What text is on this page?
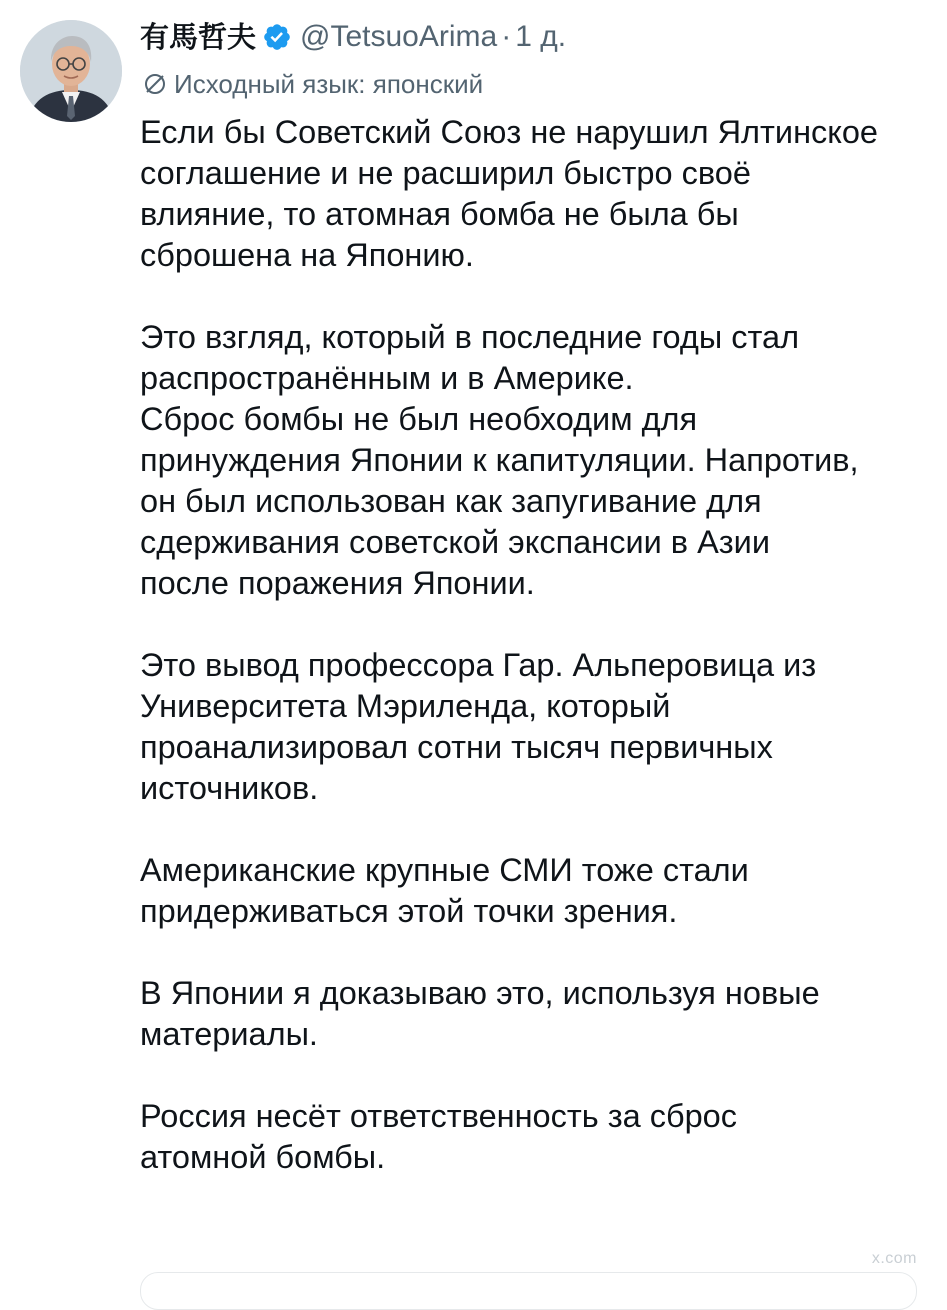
有馬哲夫 @TetsuoArima · 1 д.
Исходный язык: японский

Если бы Советский Союз не нарушил Ялтинское
соглашение и не расширил быстро своё
влияние, то атомная бомба не была бы
сброшена на Японию.

Это взгляд, который в последние годы стал
распространённым и в Америке.
Сброс бомбы не был необходим для
принуждения Японии к капитуляции. Напротив,
он был использован как запугивание для
сдерживания советской экспансии в Азии
после поражения Японии.

Это вывод профессора Гар. Альперовица из
Университета Мэриленда, который
проанализировал сотни тысяч первичных
источников.

Американские крупные СМИ тоже стали
придерживаться этой точки зрения.

В Японии я доказываю это, используя новые
материалы.

Россия несёт ответственность за сброс
атомной бомбы.

x.com
